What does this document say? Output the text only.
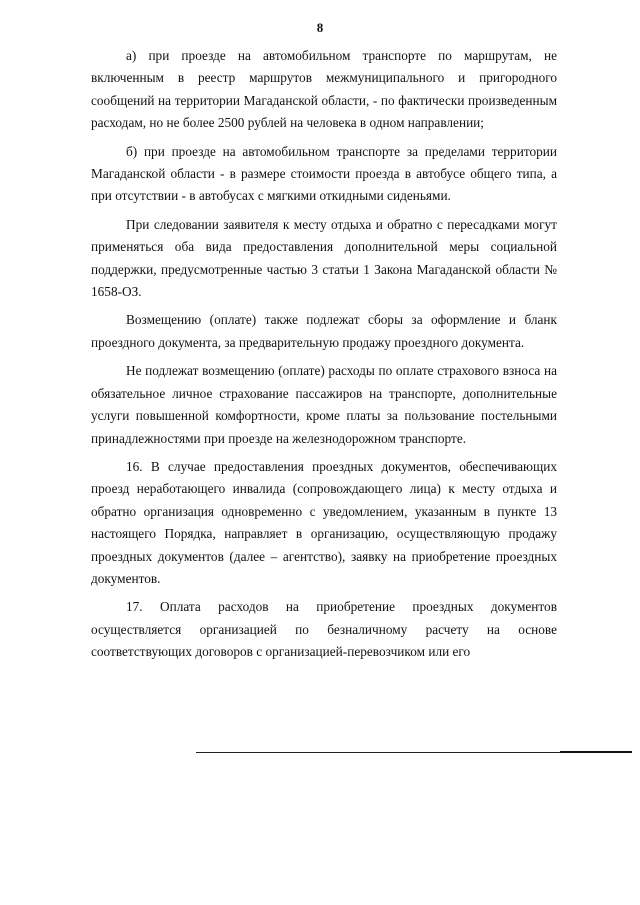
8

а) при проезде на автомобильном транспорте по маршрутам, не включенным в реестр маршрутов межмуниципального и пригородного сообщений на территории Магаданской области, - по фактически произведенным расходам, но не более 2500 рублей на человека в одном направлении;

б) при проезде на автомобильном транспорте за пределами территории Магаданской области - в размере стоимости проезда в автобусе общего типа, а при отсутствии - в автобусах с мягкими откидными сиденьями.

При следовании заявителя к месту отдыха и обратно с пересадками могут применяться оба вида предоставления дополнительной меры социальной поддержки, предусмотренные частью 3 статьи 1 Закона Магаданской области № 1658-ОЗ.

Возмещению (оплате) также подлежат сборы за оформление и бланк проездного документа, за предварительную продажу проездного документа.

Не подлежат возмещению (оплате) расходы по оплате страхового взноса на обязательное личное страхование пассажиров на транспорте, дополнительные услуги повышенной комфортности, кроме платы за пользование постельными принадлежностями при проезде на железнодорожном транспорте.

16. В случае предоставления проездных документов, обеспечивающих проезд неработающего инвалида (сопровождающего лица) к месту отдыха и обратно организация одновременно с уведомлением, указанным в пункте 13 настоящего Порядка, направляет в организацию, осуществляющую продажу проездных документов (далее – агентство), заявку на приобретение проездных документов.

17. Оплата расходов на приобретение проездных документов осуществляется организацией по безналичному расчету на основе соответствующих договоров с организацией-перевозчиком или его
